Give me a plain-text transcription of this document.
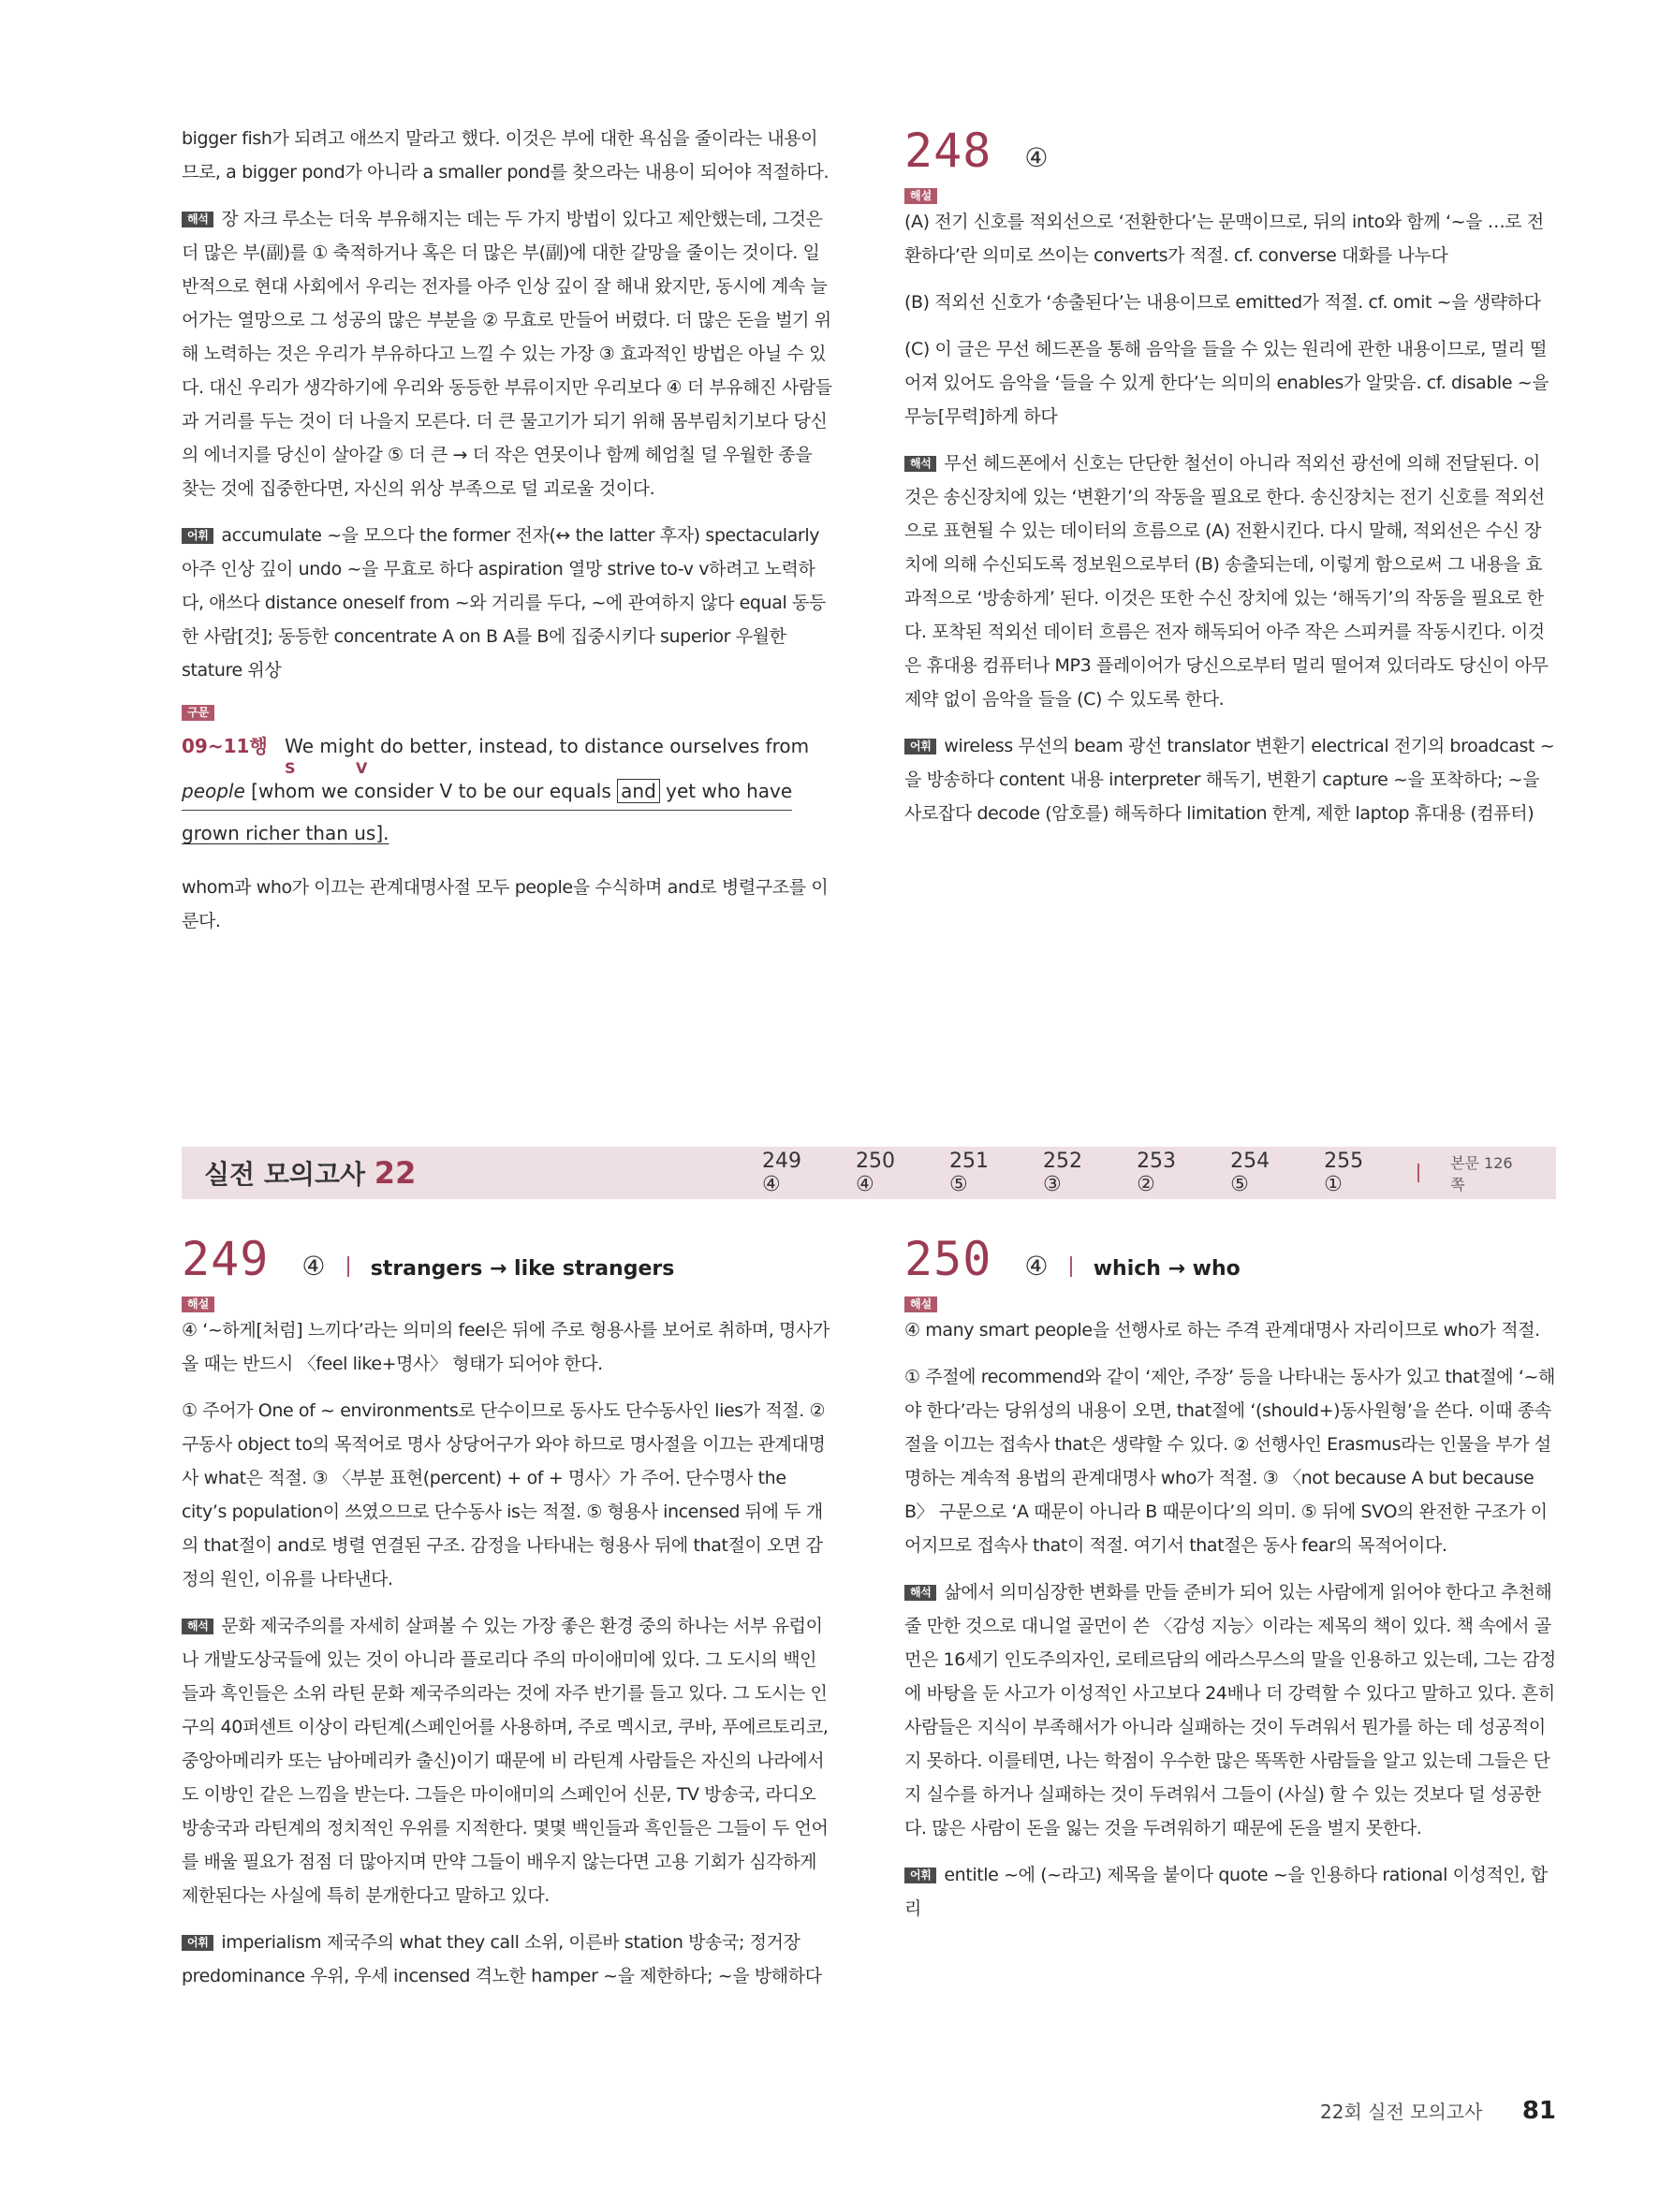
bigger fish가 되려고 애쓰지 말라고 했다. 이것은 부에 대한 욕심을 줄이라는 내용이므로, a bigger pond가 아니라 a smaller pond를 찾으라는 내용이 되어야 적절하다.

해석 장 자크 루소는 더욱 부유해지는 데는 두 가지 방법이 있다고 제안했는데, 그것은 더 많은 부(副)를 ① 축적하거나 혹은 더 많은 부(副)에 대한 갈망을 줄이는 것이다. 일반적으로 현대 사회에서 우리는 전자를 아주 인상 깊이 잘 해내 왔지만, 동시에 계속 늘어가는 열망으로 그 성공의 많은 부분을 ② 무효로 만들어 버렸다. 더 많은 돈을 벌기 위해 노력하는 것은 우리가 부유하다고 느낄 수 있는 가장 ③ 효과적인 방법은 아닐 수 있다. 대신 우리가 생각하기에 우리와 동등한 부류이지만 우리보다 ④ 더 부유해진 사람들과 거리를 두는 것이 더 나을지 모른다. 더 큰 물고기가 되기 위해 몸부림치기보다 당신의 에너지를 당신이 살아갈 ⑤ 더 큰 → 더 작은 연못이나 함께 헤엄칠 덜 우월한 종을 찾는 것에 집중한다면, 자신의 위상 부족으로 덜 괴로울 것이다.

어휘 accumulate ~을 모으다 the former 전자(↔ the latter 후자) spectacularly 아주 인상 깊이 undo ~을 무효로 하다 aspiration 열망 strive to-v v하려고 노력하다, 애쓰다 distance oneself from ~와 거리를 두다, ~에 관여하지 않다 equal 동등한 사람[것]; 동등한 concentrate A on B A를 B에 집중시키다 superior 우월한 stature 위상

구문
09~11행 We might do better, instead, to distance ourselves from
S	V
people [whom we consider V to be our equals and yet who have
grown richer than us].

whom과 who가 이끄는 관계대명사절 모두 people을 수식하며 and로 병렬구조를 이룬다.

248 ④
해설

(A) 전기 신호를 적외선으로 ‘전환한다’는 문맥이므로, 뒤의 into와 함께 ‘~을 …로 전환하다’란 의미로 쓰이는 converts가 적절. cf. converse 대화를 나누다

(B) 적외선 신호가 ‘송출된다’는 내용이므로 emitted가 적절. cf. omit ~을 생략하다

(C) 이 글은 무선 헤드폰을 통해 음악을 들을 수 있는 원리에 관한 내용이므로, 멀리 떨어져 있어도 음악을 ‘들을 수 있게 한다’는 의미의 enables가 알맞음. cf. disable ~을 무능[무력]하게 하다

해석 무선 헤드폰에서 신호는 단단한 철선이 아니라 적외선 광선에 의해 전달된다. 이것은 송신장치에 있는 ‘변환기’의 작동을 필요로 한다. 송신장치는 전기 신호를 적외선으로 표현될 수 있는 데이터의 흐름으로 (A) 전환시킨다. 다시 말해, 적외선은 수신 장치에 의해 수신되도록 정보원으로부터 (B) 송출되는데, 이렇게 함으로써 그 내용을 효과적으로 ‘방송하게’ 된다. 이것은 또한 수신 장치에 있는 ‘해독기’의 작동을 필요로 한다. 포착된 적외선 데이터 흐름은 전자 해독되어 아주 작은 스피커를 작동시킨다. 이것은 휴대용 컴퓨터나 MP3 플레이어가 당신으로부터 멀리 떨어져 있더라도 당신이 아무 제약 없이 음악을 들을 (C) 수 있도록 한다.

어휘 wireless 무선의 beam 광선 translator 변환기 electrical 전기의 broadcast ~을 방송하다 content 내용 interpreter 해독기, 변환기 capture ~을 포착하다; ~을 사로잡다 decode (암호를) 해독하다 limitation 한계, 제한 laptop 휴대용 (컴퓨터)

실전 모의고사 22	249 ④
250 ④
251 ⑤
252 ③
253 ②
254 ⑤
255 ①
본문 126쪽
249 ④ strangers → like strangers
해설

④ ‘~하게[처럼] 느끼다’라는 의미의 feel은 뒤에 주로 형용사를 보어로 취하며, 명사가 올 때는 반드시 〈feel like+명사〉 형태가 되어야 한다.

① 주어가 One of ~ environments로 단수이므로 동사도 단수동사인 lies가 적절. ② 구동사 object to의 목적어로 명사 상당어구가 와야 하므로 명사절을 이끄는 관계대명사 what은 적절. ③ 〈부분 표현(percent) + of + 명사〉가 주어. 단수명사 the city’s population이 쓰였으므로 단수동사 is는 적절. ⑤ 형용사 incensed 뒤에 두 개의 that절이 and로 병렬 연결된 구조. 감정을 나타내는 형용사 뒤에 that절이 오면 감정의 원인, 이유를 나타낸다.

해석 문화 제국주의를 자세히 살펴볼 수 있는 가장 좋은 환경 중의 하나는 서부 유럽이나 개발도상국들에 있는 것이 아니라 플로리다 주의 마이애미에 있다. 그 도시의 백인들과 흑인들은 소위 라틴 문화 제국주의라는 것에 자주 반기를 들고 있다. 그 도시는 인구의 40퍼센트 이상이 라틴계(스페인어를 사용하며, 주로 멕시코, 쿠바, 푸에르토리코, 중앙아메리카 또는 남아메리카 출신)이기 때문에 비 라틴계 사람들은 자신의 나라에서도 이방인 같은 느낌을 받는다. 그들은 마이애미의 스페인어 신문, TV 방송국, 라디오 방송국과 라틴계의 정치적인 우위를 지적한다. 몇몇 백인들과 흑인들은 그들이 두 언어를 배울 필요가 점점 더 많아지며 만약 그들이 배우지 않는다면 고용 기회가 심각하게 제한된다는 사실에 특히 분개한다고 말하고 있다.

어휘 imperialism 제국주의 what they call 소위, 이른바 station 방송국; 정거장 predominance 우위, 우세 incensed 격노한 hamper ~을 제한하다; ~을 방해하다

250 ④ which → who
해설

④ many smart people을 선행사로 하는 주격 관계대명사 자리이므로 who가 적절.

① 주절에 recommend와 같이 ‘제안, 주장’ 등을 나타내는 동사가 있고 that절에 ‘~해야 한다’라는 당위성의 내용이 오면, that절에 ‘(should+)동사원형’을 쓴다. 이때 종속절을 이끄는 접속사 that은 생략할 수 있다. ② 선행사인 Erasmus라는 인물을 부가 설명하는 계속적 용법의 관계대명사 who가 적절. ③ 〈not because A but because B〉 구문으로 ‘A 때문이 아니라 B 때문이다’의 의미. ⑤ 뒤에 SVO의 완전한 구조가 이어지므로 접속사 that이 적절. 여기서 that절은 동사 fear의 목적어이다.

해석 삶에서 의미심장한 변화를 만들 준비가 되어 있는 사람에게 읽어야 한다고 추천해 줄 만한 것으로 대니얼 골먼이 쓴 〈감성 지능〉이라는 제목의 책이 있다. 책 속에서 골먼은 16세기 인도주의자인, 로테르담의 에라스무스의 말을 인용하고 있는데, 그는 감정에 바탕을 둔 사고가 이성적인 사고보다 24배나 더 강력할 수 있다고 말하고 있다. 흔히 사람들은 지식이 부족해서가 아니라 실패하는 것이 두려워서 뭔가를 하는 데 성공적이지 못하다. 이를테면, 나는 학점이 우수한 많은 똑똑한 사람들을 알고 있는데 그들은 단지 실수를 하거나 실패하는 것이 두려워서 그들이 (사실) 할 수 있는 것보다 덜 성공한다. 많은 사람이 돈을 잃는 것을 두려워하기 때문에 돈을 벌지 못한다.

어휘 entitle ~에 (~라고) 제목을 붙이다 quote ~을 인용하다 rational 이성적인, 합리

22회 실전 모의고사 81
